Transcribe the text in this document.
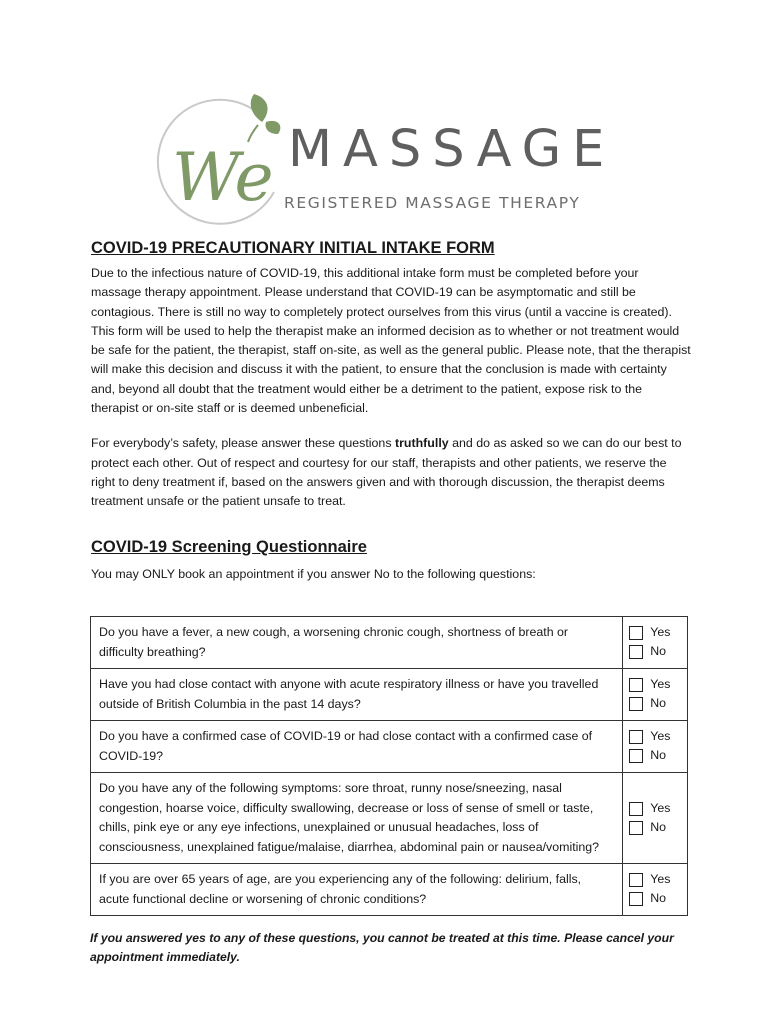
We MASSAGE
REGISTERED MASSAGE THERAPY
COVID-19 PRECAUTIONARY INITIAL INTAKE FORM

Due to the infectious nature of COVID-19, this additional intake form must be completed before your massage therapy appointment. Please understand that COVID-19 can be asymptomatic and still be contagious. There is still no way to completely protect ourselves from this virus (until a vaccine is created). This form will be used to help the therapist make an informed decision as to whether or not treatment would be safe for the patient, the therapist, staff on-site, as well as the general public. Please note, that the therapist will make this decision and discuss it with the patient, to ensure that the conclusion is made with certainty and, beyond all doubt that the treatment would either be a detriment to the patient, expose risk to the therapist or on-site staff or is deemed unbeneficial.

For everybody’s safety, please answer these questions truthfully and do as asked so we can do our best to protect each other. Out of respect and courtesy for our staff, therapists and other patients, we reserve the right to deny treatment if, based on the answers given and with thorough discussion, the therapist deems treatment unsafe or the patient unsafe to treat.

COVID-19 Screening Questionnaire

You may ONLY book an appointment if you answer No to the following questions:

Do you have a fever, a new cough, a worsening chronic cough, shortness of breath or difficulty breathing?	Yes
No

Have you had close contact with anyone with acute respiratory illness or have you travelled outside of British Columbia in the past 14 days?	Yes
No

Do you have a confirmed case of COVID-19 or had close contact with a confirmed case of COVID-19?	Yes
No

Do you have any of the following symptoms: sore throat, runny nose/sneezing, nasal congestion, hoarse voice, difficulty swallowing, decrease or loss of sense of smell or taste, chills, pink eye or any eye infections, unexplained or unusual headaches, loss of consciousness, unexplained fatigue/malaise, diarrhea, abdominal pain or nausea/vomiting?	Yes
No

If you are over 65 years of age, are you experiencing any of the following: delirium, falls, acute functional decline or worsening of chronic conditions?	Yes
No
If you answered yes to any of these questions, you cannot be treated at this time. Please cancel your appointment immediately.
